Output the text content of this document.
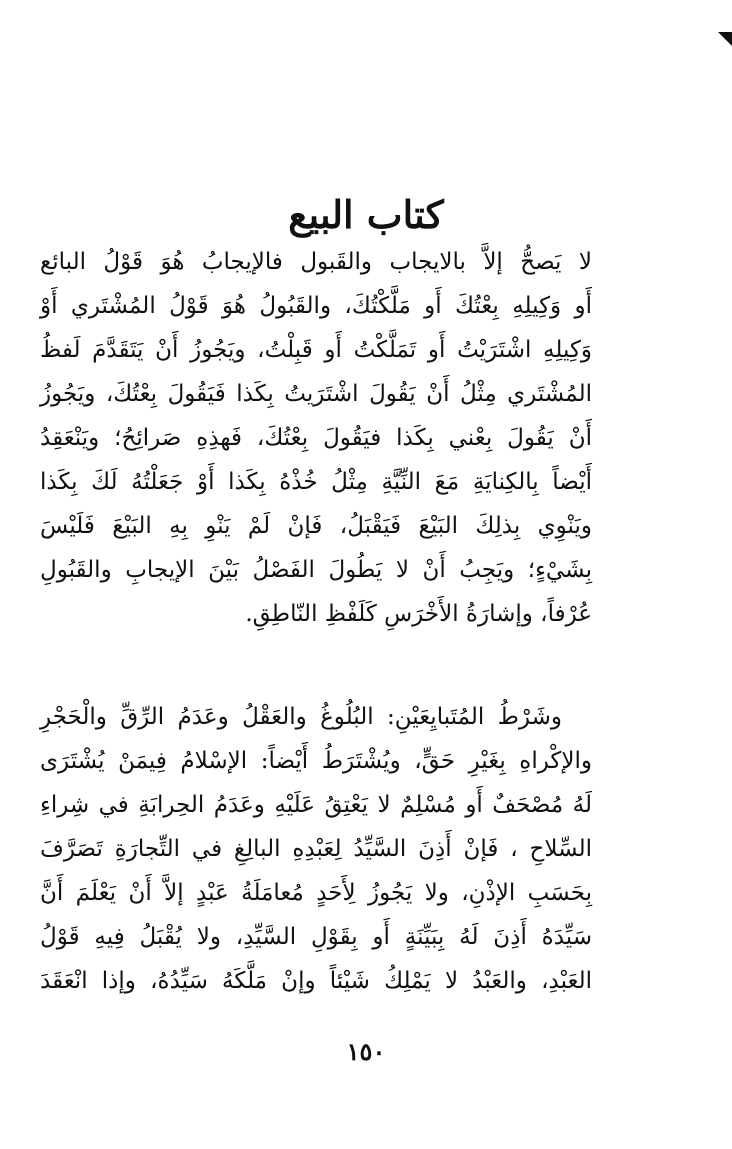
كتاب البيع
لا يَصحُّ إلاَّ بالايجاب والقَبول فالإيجابُ هُوَ قَوْلُ البائع
أَو وَكِيلِهِ بِعْتُكَ أَو مَلَّكْتُكَ، والقَبُولُ هُوَ قَوْلُ المُشْتَري أَوْ
وَكِيلِهِ اشْتَرَيْتُ أَو تَمَلَّكْتُ أَو قَبِلْتُ، ويَجُوزُ أَنْ يَتَقَدَّمَ لَفظُ
المُشْتَري مِثْلُ أَنْ يَقُولَ اشْتَرَيتُ بِكَذا فَيَقُولَ بِعْتُكَ، ويَجُوزُ
أَنْ يَقُولَ بِعْني بِكَذا فيَقُولَ بِعْتُكَ، فَهذِهِ صَرائِحُ؛ ويَنْعَقِدُ
أَيْضاً بِالكِنايَةِ مَعَ النِّيَّةِ مِثْلُ خُذْهُ بِكَذا أَوْ جَعَلْتُهُ لَكَ بِكَذا
ويَنْوِي بِذلِكَ البَيْعَ فَيَقْبَلُ، فَإنْ لَمْ يَنْوِ بِهِ البَيْعَ فَلَيْسَ
بِشَيْءٍ؛ ويَجِبُ أَنْ لا يَطُولَ الفَصْلُ بَيْنَ الإيجابِ والقَبُولِ
عُرْفاً، وإشارَةُ الأَخْرَسِ كَلَفْظِ النّاطِقِ.
وشَرْطُ المُتَبايِعَيْنِ: البُلُوغُ والعَقْلُ وعَدَمُ الرِّقِّ والْحَجْرِ
والإكْراهِ بِغَيْرِ حَقٍّ، ويُشْتَرَطُ أَيْضاً: الإسْلامُ فِيمَنْ يُشْتَرَى
لَهُ مُصْحَفٌ أَو مُسْلِمٌ لا يَعْتِقُ عَلَيْهِ وعَدَمُ الحِرابَةِ في شِراءِ
السِّلاحِ ، فَإنْ أَذِنَ السَّيِّدُ لِعَبْدِهِ البالِغِ في التِّجارَةِ تَصَرَّفَ
بِحَسَبِ الإذْنِ، ولا يَجُوزُ لِأَحَدٍ مُعامَلَةُ عَبْدٍ إلاَّ أَنْ يَعْلَمَ أَنَّ
سَيِّدَهُ أَذِنَ لَهُ بِبَيِّنَةٍ أَو بِقَوْلِ السَّيِّدِ، ولا يُقْبَلُ فِيهِ قَوْلُ
العَبْدِ، والعَبْدُ لا يَمْلِكُ شَيْئاً وإنْ مَلَّكَهُ سَيِّدُهُ، وإذا انْعَقَدَ
١٥٠
